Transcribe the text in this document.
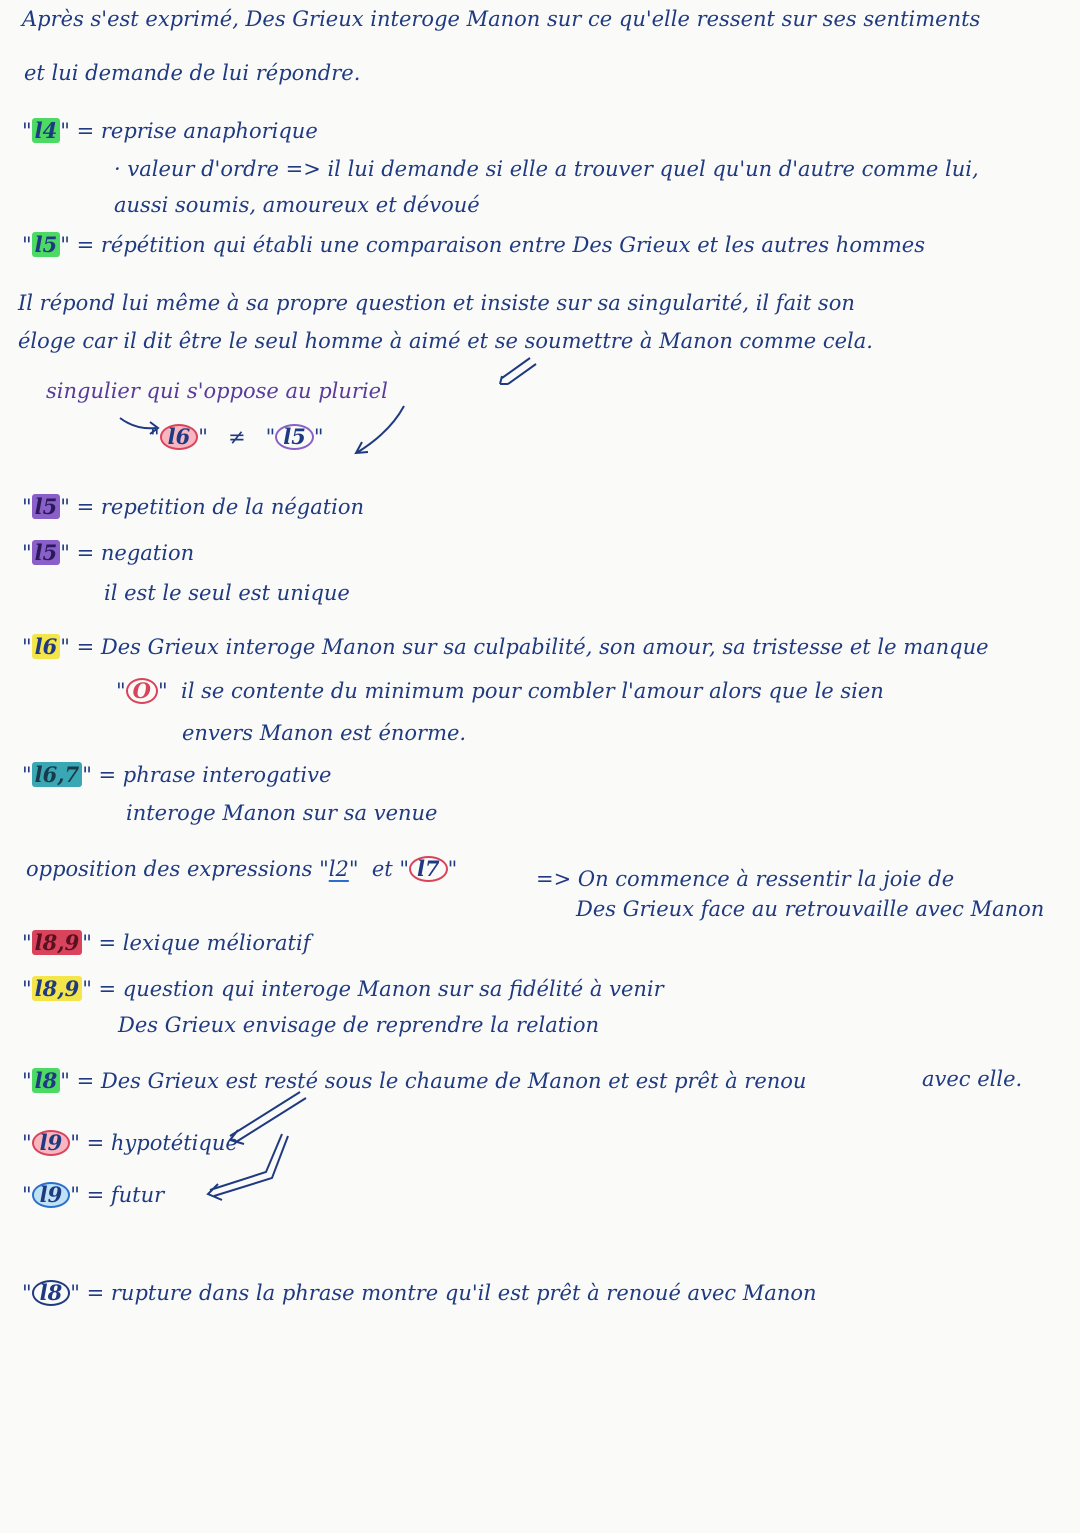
Après s'est exprimé, Des Grieux interoge Manon sur ce qu'elle ressent sur ses sentiments
et lui demande de lui répondre.
" l4 " = reprise anaphorique
· valeur d'ordre => il lui demande si elle a trouver quel qu'un d'autre comme lui,
aussi soumis, amoureux et dévoué
" l5 " = répétition qui établi une comparaison entre Des Grieux et les autres hommes
Il répond lui même à sa propre question et insiste sur sa singularité, il fait son
éloge car il dit être le seul homme à aimé et se soumettre à Manon comme cela.
singulier qui s'oppose au pluriel
" l6 "   ≠   " l5 "
" l5 " = repetition de la négation
" l5 " = negation
il est le seul est unique
" l6 " = Des Grieux interoge Manon sur sa culpabilité, son amour, sa tristesse et le manque
" O "  il se contente du minimum pour combler l'amour alors que le sien
envers Manon est énorme.
" l6,7 " = phrase interogative
interoge Manon sur sa venue
opposition des expressions "l2"  et " l7 "	=> On commence à ressentir la joie de
Des Grieux face au retrouvaille avec Manon
" l8,9 " = lexique mélioratif
" l8,9 " = question qui interoge Manon sur sa fidélité à venir
Des Grieux envisage de reprendre la relation
" l8 " = Des Grieux est resté sous le chaume de Manon et est prêt à renou	avec elle.
" l9 " = hypotétique
" l9 " = futur
" l8 " = rupture dans la phrase montre qu'il est prêt à renoué avec Manon
